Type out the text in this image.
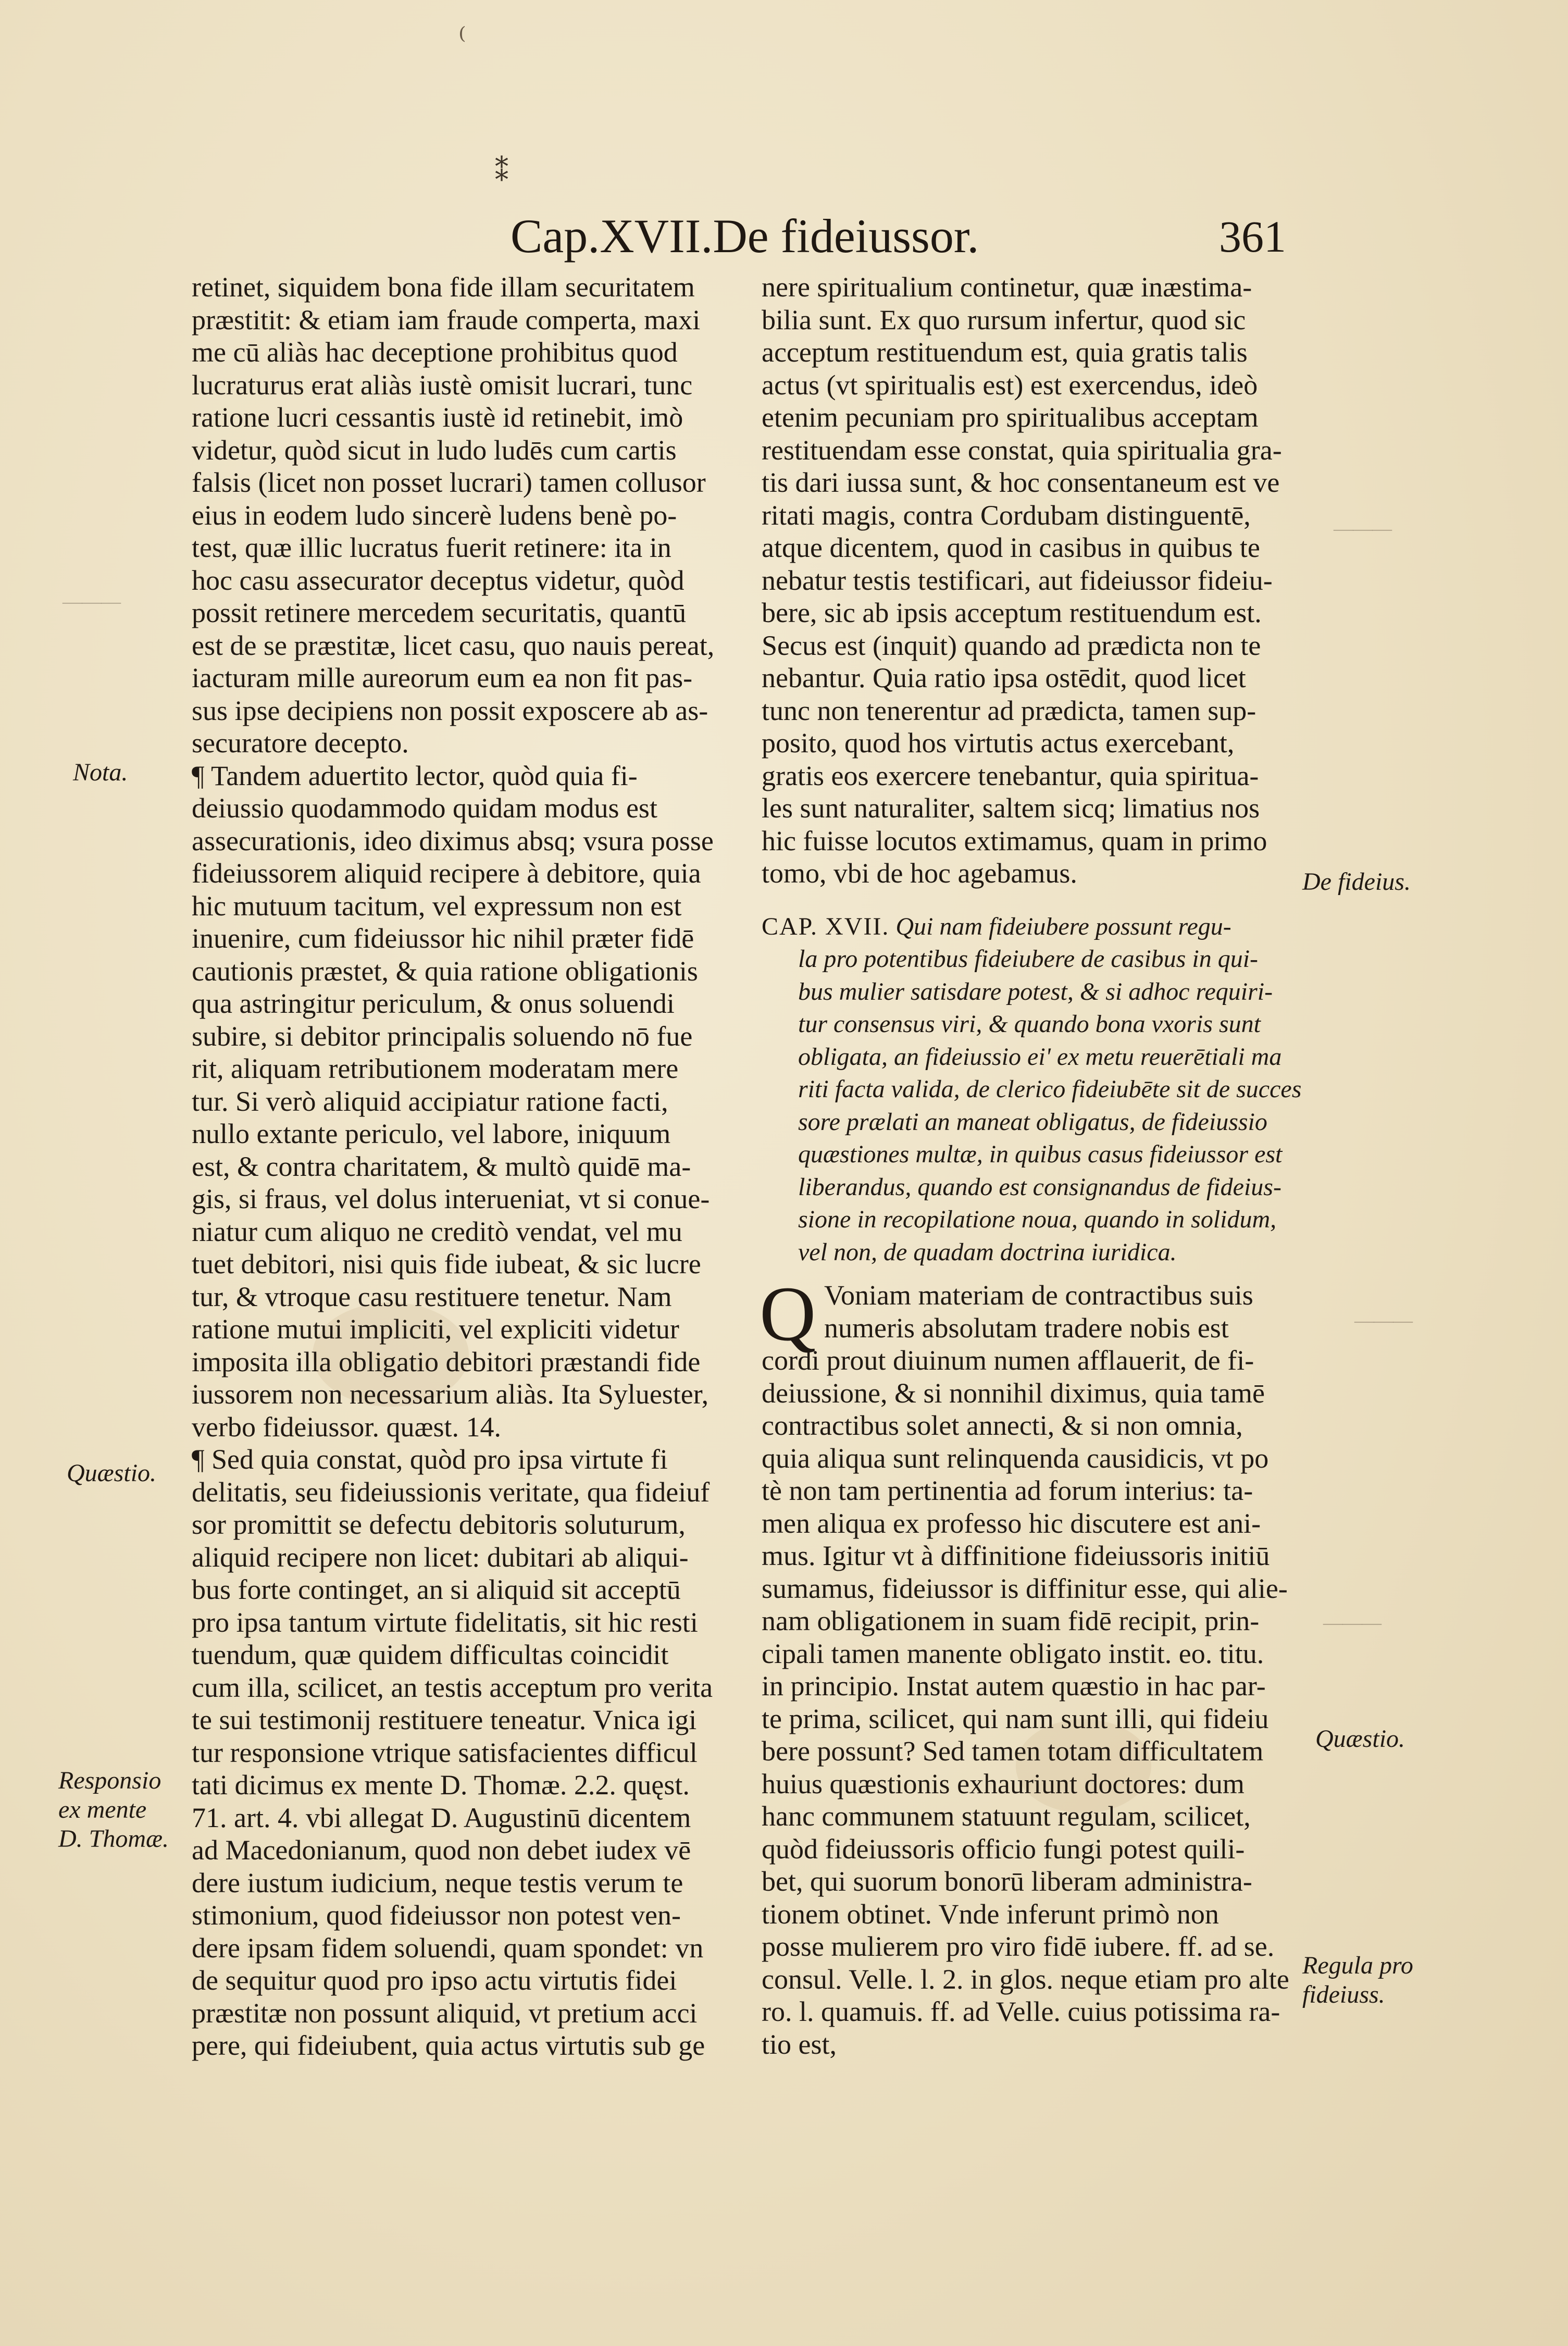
⁽
⁑
Cap.XVII.De fideiussor.	361
retinet, siquidem bona fide illam securitatem
præstitit: & etiam iam fraude comperta, maxi
me cū aliàs hac deceptione prohibitus quod
lucraturus erat aliàs iustè omisit lucrari, tunc
ratione lucri cessantis iustè id retinebit, imò
videtur, quòd sicut in ludo ludēs cum cartis
falsis (licet non posset lucrari) tamen collusor
eius in eodem ludo sincerè ludens benè po-
test, quæ illic lucratus fuerit retinere: ita in
hoc casu assecurator deceptus videtur, quòd
possit retinere mercedem securitatis, quantū
est de se præstitæ, licet casu, quo nauis pereat,
iacturam mille aureorum eum ea non fit pas-
sus ipse decipiens non possit exposcere ab as-
securatore decepto.
¶ Tandem aduertito lector, quòd quia fi-
deiussio quodammodo quidam modus est
assecurationis, ideo diximus absq; vsura posse
fideiussorem aliquid recipere à debitore, quia
hic mutuum tacitum, vel expressum non est
inuenire, cum fideiussor hic nihil præter fidē
cautionis præstet, & quia ratione obligationis
qua astringitur periculum, & onus soluendi
subire, si debitor principalis soluendo nō fue
rit, aliquam retributionem moderatam mere
tur. Si verò aliquid accipiatur ratione facti,
nullo extante periculo, vel labore, iniquum
est, & contra charitatem, & multò quidē ma-
gis, si fraus, vel dolus interueniat, vt si conue-
niatur cum aliquo ne creditò vendat, vel mu
tuet debitori, nisi quis fide iubeat, & sic lucre
tur, & vtroque casu restituere tenetur. Nam
ratione mutui impliciti, vel expliciti videtur
imposita illa obligatio debitori præstandi fide
iussorem non necessarium aliàs. Ita Syluester,
verbo fideiussor. quæst. 14.
¶ Sed quia constat, quòd pro ipsa virtute fi
delitatis, seu fideiussionis veritate, qua fideiuf
sor promittit se defectu debitoris soluturum,
aliquid recipere non licet: dubitari ab aliqui-
bus forte continget, an si aliquid sit acceptū
pro ipsa tantum virtute fidelitatis, sit hic resti
tuendum, quæ quidem difficultas coincidit
cum illa, scilicet, an testis acceptum pro verita
te sui testimonij restituere teneatur. Vnica igi
tur responsione vtrique satisfacientes difficul
tati dicimus ex mente D. Thomæ. 2.2. quęst.
71. art. 4. vbi allegat D. Augustinū dicentem
ad Macedonianum, quod non debet iudex vē
dere iustum iudicium, neque testis verum te
stimonium, quod fideiussor non potest ven-
dere ipsam fidem soluendi, quam spondet: vn
de sequitur quod pro ipso actu virtutis fidei
præstitæ non possunt aliquid, vt pretium acci
pere, qui fideiubent, quia actus virtutis sub ge
nere spiritualium continetur, quæ inæstima-
bilia sunt. Ex quo rursum infertur, quod sic
acceptum restituendum est, quia gratis talis
actus (vt spiritualis est) est exercendus, ideò
etenim pecuniam pro spiritualibus acceptam
restituendam esse constat, quia spiritualia gra-
tis dari iussa sunt, & hoc consentaneum est ve
ritati magis, contra Cordubam distinguentē,
atque dicentem, quod in casibus in quibus te
nebatur testis testificari, aut fideiussor fideiu-
bere, sic ab ipsis acceptum restituendum est.
Secus est (inquit) quando ad prædicta non te
nebantur. Quia ratio ipsa ostēdit, quod licet
tunc non tenerentur ad prædicta, tamen sup-
posito, quod hos virtutis actus exercebant,
gratis eos exercere tenebantur, quia spiritua-
les sunt naturaliter, saltem sicq; limatius nos
hic fuisse locutos extimamus, quam in primo
tomo, vbi de hoc agebamus.
CAP. XVII. Qui nam fideiubere possunt regu-
la pro potentibus fideiubere de casibus in qui-
bus mulier satisdare potest, & si adhoc requiri-
tur consensus viri, & quando bona vxoris sunt
obligata, an fideiussio ei' ex metu reuerētiali ma
riti facta valida, de clerico fideiubēte sit de succes
sore prælati an maneat obligatus, de fideiussio
quæstiones multæ, in quibus casus fideiussor est
liberandus, quando est consignandus de fideius-
sione in recopilatione noua, quando in solidum,
vel non, de quadam doctrina iuridica.
Q Voniam materiam de contractibus suis
numeris absolutam tradere nobis est
cordi prout diuinum numen afflauerit, de fi-
deiussione, & si nonnihil diximus, quia tamē
contractibus solet annecti, & si non omnia,
quia aliqua sunt relinquenda causidicis, vt po
tè non tam pertinentia ad forum interius: ta-
men aliqua ex professo hic discutere est ani-
mus. Igitur vt à diffinitione fideiussoris initiū
sumamus, fideiussor is diffinitur esse, qui alie-
nam obligationem in suam fidē recipit, prin-
cipali tamen manente obligato instit. eo. titu.
in principio. Instat autem quæstio in hac par-
te prima, scilicet, qui nam sunt illi, qui fideiu
bere possunt? Sed tamen totam difficultatem
huius quæstionis exhauriunt doctores: dum
hanc communem statuunt regulam, scilicet,
quòd fideiussoris officio fungi potest quili-
bet, qui suorum bonorū liberam administra-
tionem obtinet. Vnde inferunt primò non
posse mulierem pro viro fidē iubere. ff. ad se.
consul. Velle. l. 2. in glos. neque etiam pro alte
ro. l. quamuis. ff. ad Velle. cuius potissima ra-
tio est,
Nota.
Quæstio.
Responsio
ex mente
D. Thomæ.
De fideius.
Quæstio.
Regula pro
fideiuss.
———
———
———
———
